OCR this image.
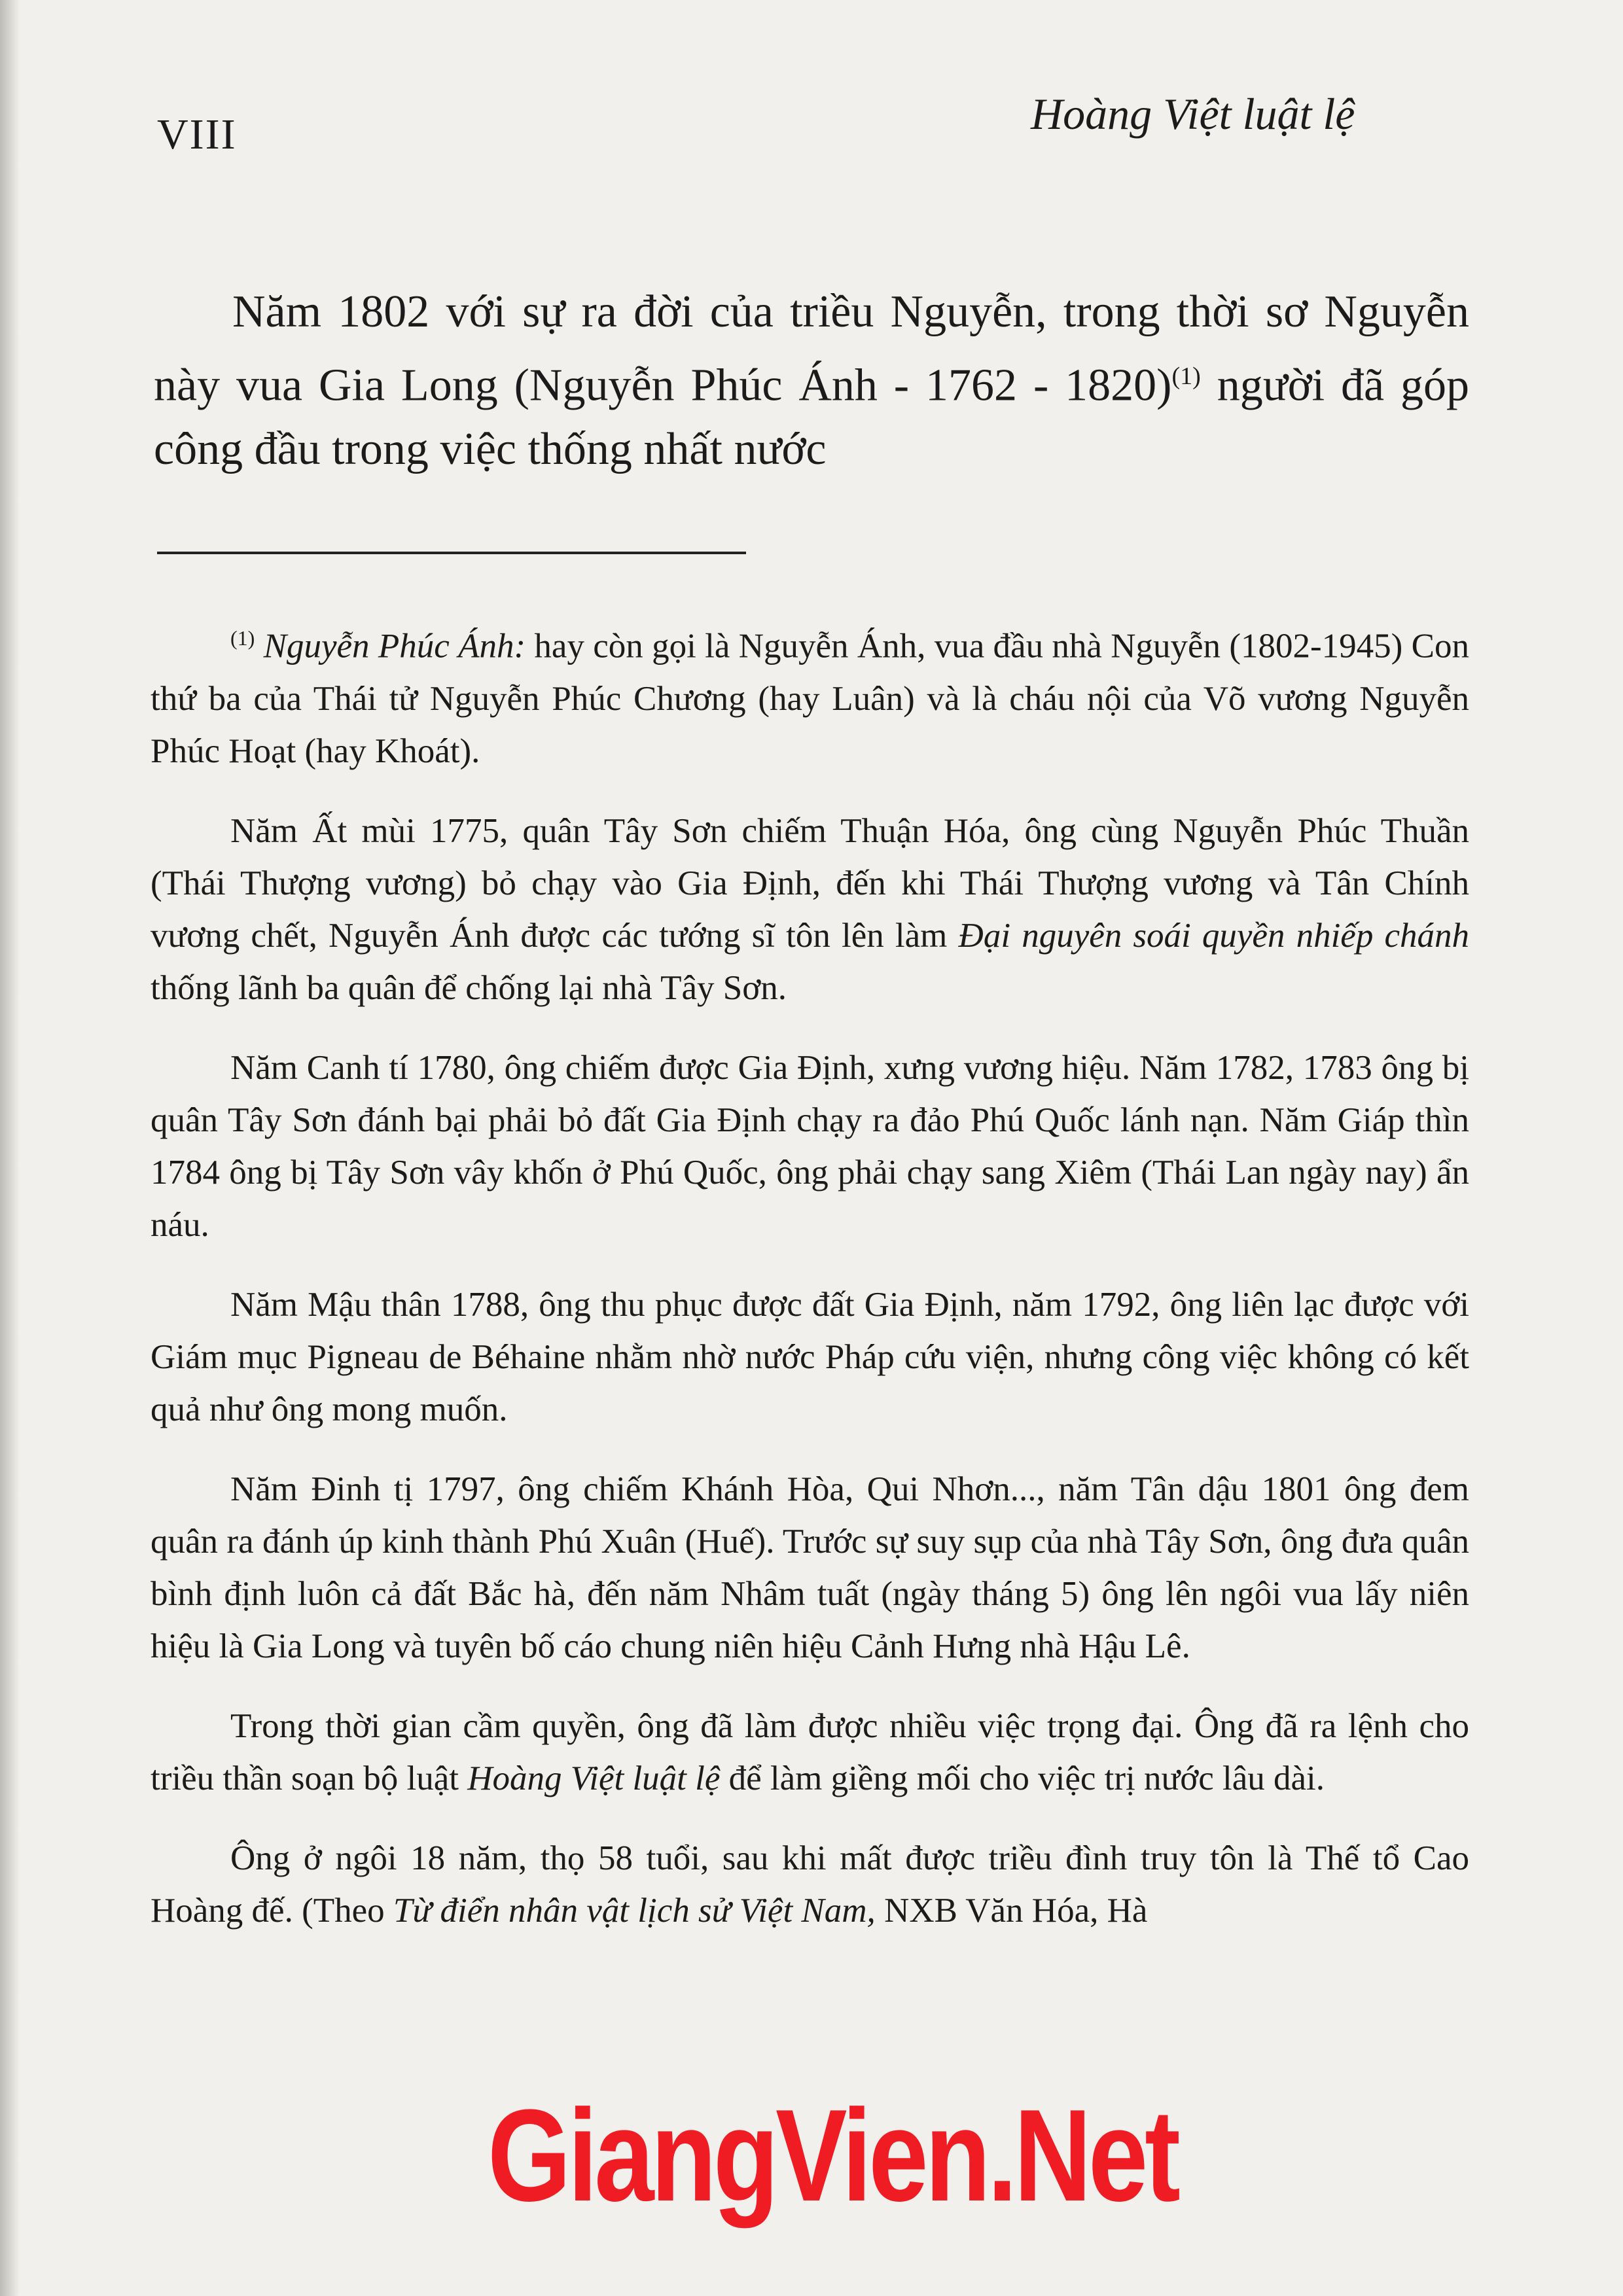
VIII	Hoàng Việt luật lệ
Năm 1802 với sự ra đời của triều Nguyễn, trong thời sơ Nguyễn này vua Gia Long (Nguyễn Phúc Ánh - 1762 - 1820)$^{(1)}$ người đã góp công đầu trong việc thống nhất nước

$^{(1)}$ Nguyễn Phúc Ánh: hay còn gọi là Nguyễn Ánh, vua đầu nhà Nguyễn (1802-1945) Con thứ ba của Thái tử Nguyễn Phúc Chương (hay Luân) và là cháu nội của Võ vương Nguyễn Phúc Hoạt (hay Khoát).

Năm Ất mùi 1775, quân Tây Sơn chiếm Thuận Hóa, ông cùng Nguyễn Phúc Thuần (Thái Thượng vương) bỏ chạy vào Gia Định, đến khi Thái Thượng vương và Tân Chính vương chết, Nguyễn Ánh được các tướng sĩ tôn lên làm Đại nguyên soái quyền nhiếp chánh thống lãnh ba quân để chống lại nhà Tây Sơn.

Năm Canh tí 1780, ông chiếm được Gia Định, xưng vương hiệu. Năm 1782, 1783 ông bị quân Tây Sơn đánh bại phải bỏ đất Gia Định chạy ra đảo Phú Quốc lánh nạn. Năm Giáp thìn 1784 ông bị Tây Sơn vây khốn ở Phú Quốc, ông phải chạy sang Xiêm (Thái Lan ngày nay) ẩn náu.

Năm Mậu thân 1788, ông thu phục được đất Gia Định, năm 1792, ông liên lạc được với Giám mục Pigneau de Béhaine nhằm nhờ nước Pháp cứu viện, nhưng công việc không có kết quả như ông mong muốn.

Năm Đinh tị 1797, ông chiếm Khánh Hòa, Qui Nhơn..., năm Tân dậu 1801 ông đem quân ra đánh úp kinh thành Phú Xuân (Huế). Trước sự suy sụp của nhà Tây Sơn, ông đưa quân bình định luôn cả đất Bắc hà, đến năm Nhâm tuất (ngày tháng 5) ông lên ngôi vua lấy niên hiệu là Gia Long và tuyên bố cáo chung niên hiệu Cảnh Hưng nhà Hậu Lê.

Trong thời gian cầm quyền, ông đã làm được nhiều việc trọng đại. Ông đã ra lệnh cho triều thần soạn bộ luật Hoàng Việt luật lệ để làm giềng mối cho việc trị nước lâu dài.

Ông ở ngôi 18 năm, thọ 58 tuổi, sau khi mất được triều đình truy tôn là Thế tổ Cao Hoàng đế. (Theo Từ điển nhân vật lịch sử Việt Nam, NXB Văn Hóa, Hà

GiangVien.Net
